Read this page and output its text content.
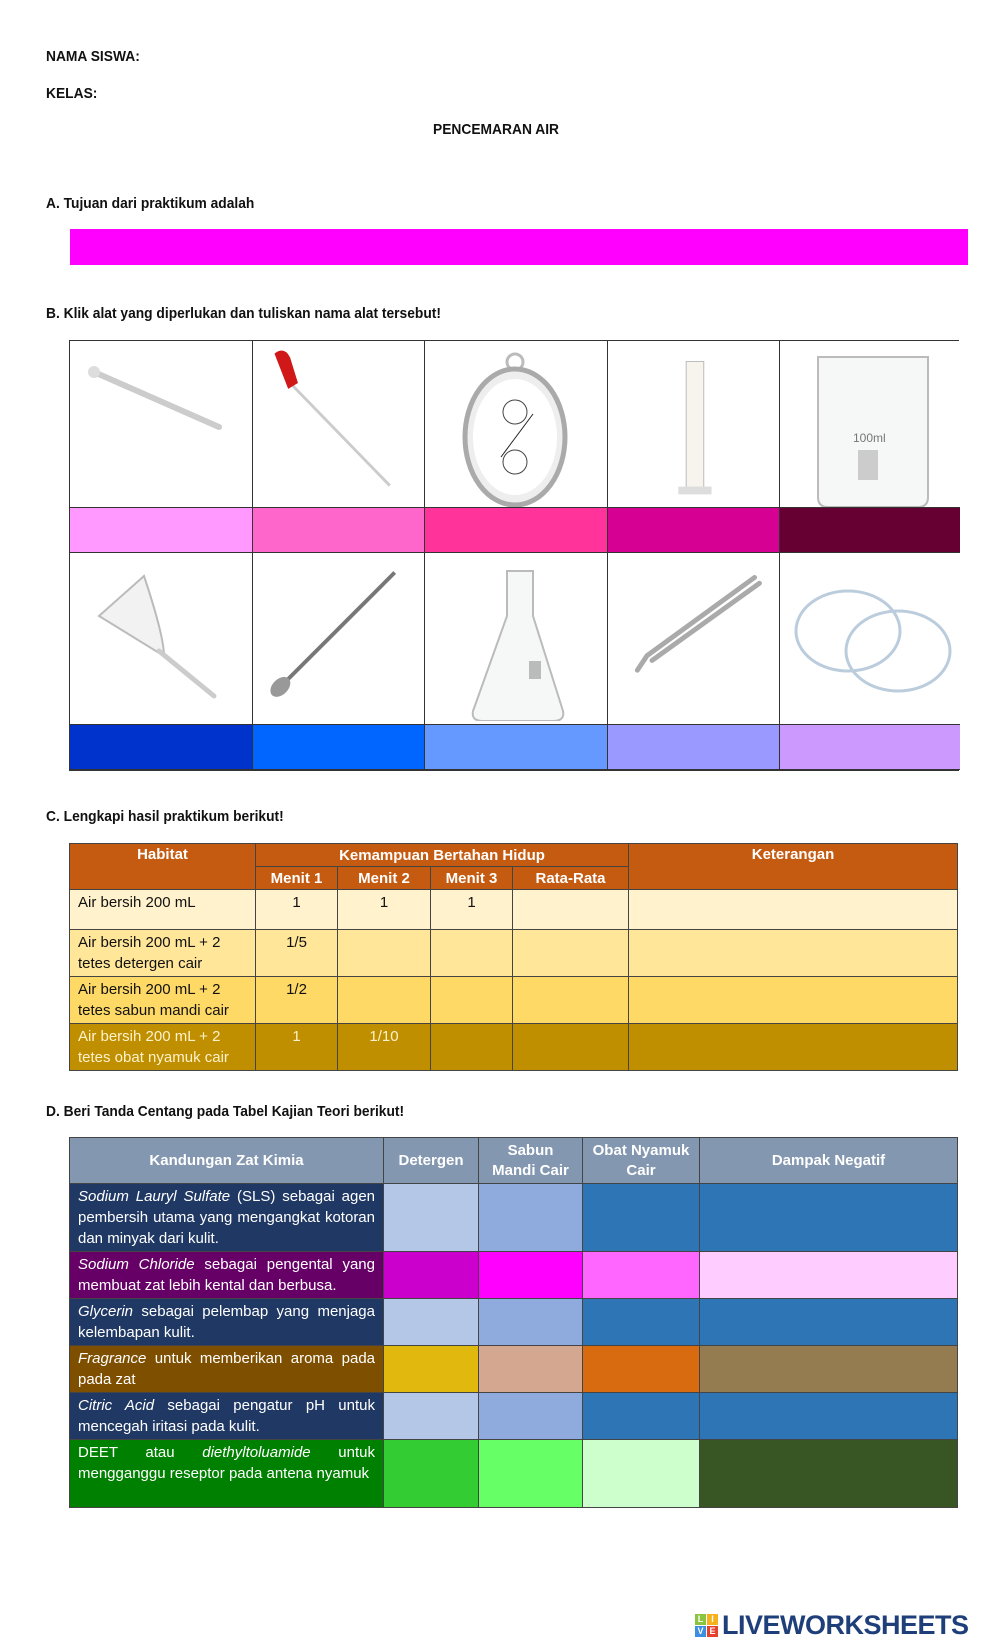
NAMA SISWA:
KELAS:
PENCEMARAN AIR
A. Tujuan dari praktikum adalah
B. Klik alat yang diperlukan dan tuliskan nama alat tersebut!
100ml
C. Lengkapi hasil praktikum berikut!
Habitat	Kemampuan Bertahan Hidup				Keterangan
	Menit 1	Menit 2	Menit 3	Rata-Rata	
Air bersih 200 mL	1	1	1		
Air bersih 200 mL + 2 tetes detergen cair	1/5				
Air bersih 200 mL + 2 tetes sabun mandi cair	1/2				
Air bersih 200 mL + 2 tetes obat nyamuk cair	1	1/10			
D. Beri Tanda Centang pada Tabel Kajian Teori berikut!
Kandungan Zat Kimia	Detergen	Sabun Mandi Cair	Obat Nyamuk Cair	Dampak Negatif
Sodium Lauryl Sulfate (SLS) sebagai agen pembersih utama yang mengangkat kotoran dan minyak dari kulit.				
Sodium Chloride sebagai pengental yang membuat zat lebih kental dan berbusa.				
Glycerin sebagai pelembap yang menjaga kelembapan kulit.				
Fragrance untuk memberikan aroma pada pada zat				
Citric Acid sebagai pengatur pH untuk mencegah iritasi pada kulit.				
DEET atau diethyltoluamide untuk mengganggu reseptor pada antena nyamuk				
L I
V E LIVEWORKSHEETS
